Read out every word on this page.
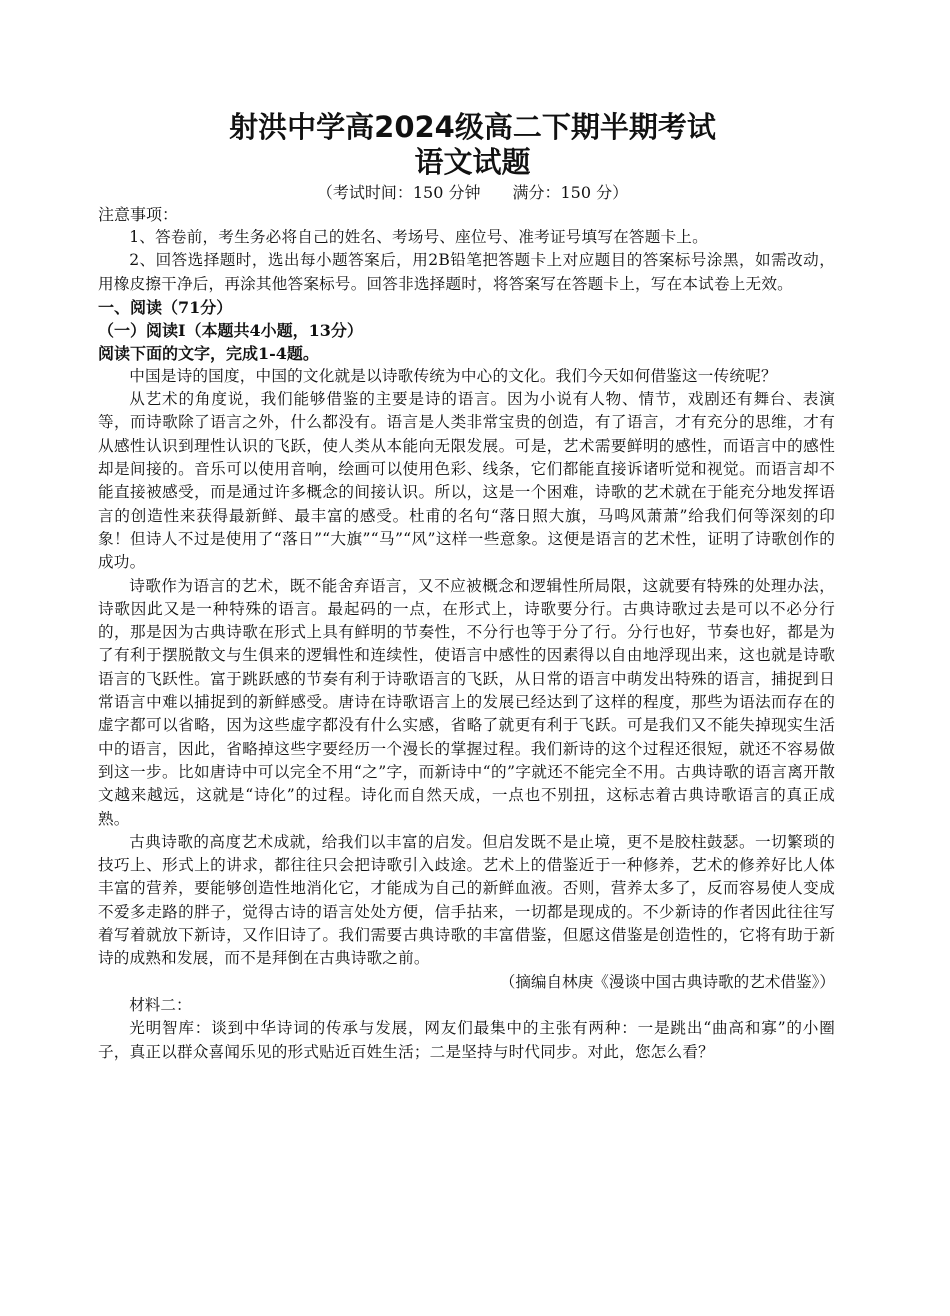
射洪中学高2024级高二下期半期考试
语文试题

（考试时间：150 分钟　　满分：150 分）

注意事项：

1、答卷前，考生务必将自己的姓名、考场号、座位号、准考证号填写在答题卡上。

2、回答选择题时，选出每小题答案后，用2B铅笔把答题卡上对应题目的答案标号涂黑，如需改动，用橡皮擦干净后，再涂其他答案标号。回答非选择题时，将答案写在答题卡上，写在本试卷上无效。

一、阅读（71分）

（一）阅读Ⅰ（本题共4小题，13分）

阅读下面的文字，完成1-4题。

中国是诗的国度，中国的文化就是以诗歌传统为中心的文化。我们今天如何借鉴这一传统呢？

从艺术的角度说，我们能够借鉴的主要是诗的语言。因为小说有人物、情节，戏剧还有舞台、表演等，而诗歌除了语言之外，什么都没有。语言是人类非常宝贵的创造，有了语言，才有充分的思维，才有从感性认识到理性认识的飞跃，使人类从本能向无限发展。可是，艺术需要鲜明的感性，而语言中的感性却是间接的。音乐可以使用音响，绘画可以使用色彩、线条，它们都能直接诉诸听觉和视觉。而语言却不能直接被感受，而是通过许多概念的间接认识。所以，这是一个困难，诗歌的艺术就在于能充分地发挥语言的创造性来获得最新鲜、最丰富的感受。杜甫的名句“落日照大旗，马鸣风萧萧”给我们何等深刻的印象！但诗人不过是使用了“落日”“大旗”“马”“风”这样一些意象。这便是语言的艺术性，证明了诗歌创作的成功。

诗歌作为语言的艺术，既不能舍弃语言，又不应被概念和逻辑性所局限，这就要有特殊的处理办法，诗歌因此又是一种特殊的语言。最起码的一点，在形式上，诗歌要分行。古典诗歌过去是可以不必分行的，那是因为古典诗歌在形式上具有鲜明的节奏性，不分行也等于分了行。分行也好，节奏也好，都是为了有利于摆脱散文与生俱来的逻辑性和连续性，使语言中感性的因素得以自由地浮现出来，这也就是诗歌语言的飞跃性。富于跳跃感的节奏有利于诗歌语言的飞跃，从日常的语言中萌发出特殊的语言，捕捉到日常语言中难以捕捉到的新鲜感受。唐诗在诗歌语言上的发展已经达到了这样的程度，那些为语法而存在的虚字都可以省略，因为这些虚字都没有什么实感，省略了就更有利于飞跃。可是我们又不能失掉现实生活中的语言，因此，省略掉这些字要经历一个漫长的掌握过程。我们新诗的这个过程还很短，就还不容易做到这一步。比如唐诗中可以完全不用“之”字，而新诗中“的”字就还不能完全不用。古典诗歌的语言离开散文越来越远，这就是“诗化”的过程。诗化而自然天成，一点也不别扭，这标志着古典诗歌语言的真正成熟。

古典诗歌的高度艺术成就，给我们以丰富的启发。但启发既不是止境，更不是胶柱鼓瑟。一切繁琐的技巧上、形式上的讲求，都往往只会把诗歌引入歧途。艺术上的借鉴近于一种修养，艺术的修养好比人体丰富的营养，要能够创造性地消化它，才能成为自己的新鲜血液。否则，营养太多了，反而容易使人变成不爱多走路的胖子，觉得古诗的语言处处方便，信手拈来，一切都是现成的。不少新诗的作者因此往往写着写着就放下新诗，又作旧诗了。我们需要古典诗歌的丰富借鉴，但愿这借鉴是创造性的，它将有助于新诗的成熟和发展，而不是拜倒在古典诗歌之前。

（摘编自林庚《漫谈中国古典诗歌的艺术借鉴》）

材料二：

光明智库：谈到中华诗词的传承与发展，网友们最集中的主张有两种：一是跳出“曲高和寡”的小圈子，真正以群众喜闻乐见的形式贴近百姓生活；二是坚持与时代同步。对此，您怎么看？
